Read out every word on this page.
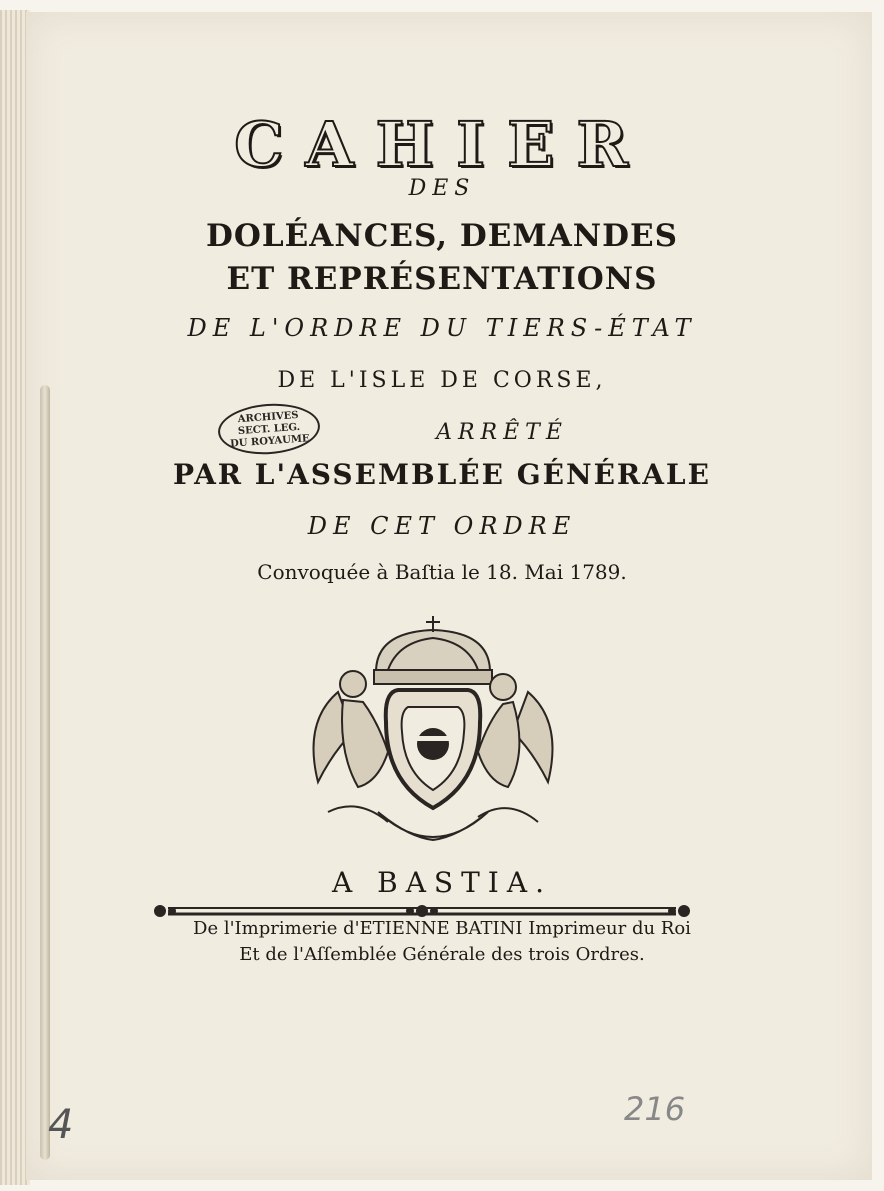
CAHIER

DES

DOLÉANCES, DEMANDES

ET REPRÉSENTATIONS

DE L'ORDRE DU TIERS-ÉTAT

DE L'ISLE DE CORSE,

ARRÊTÉ

PAR L'ASSEMBLÉE GÉNÉRALE

DE CET ORDRE

Convoquée à Baſtia le 18. Mai 1789.

ARCHIVES
SECT. LEG.
DU ROYAUME

A BASTIA.

De l'Imprimerie d'ETIENNE BATINI Imprimeur du Roi

Et de l'Aſſemblée Générale des trois Ordres.

4	216
